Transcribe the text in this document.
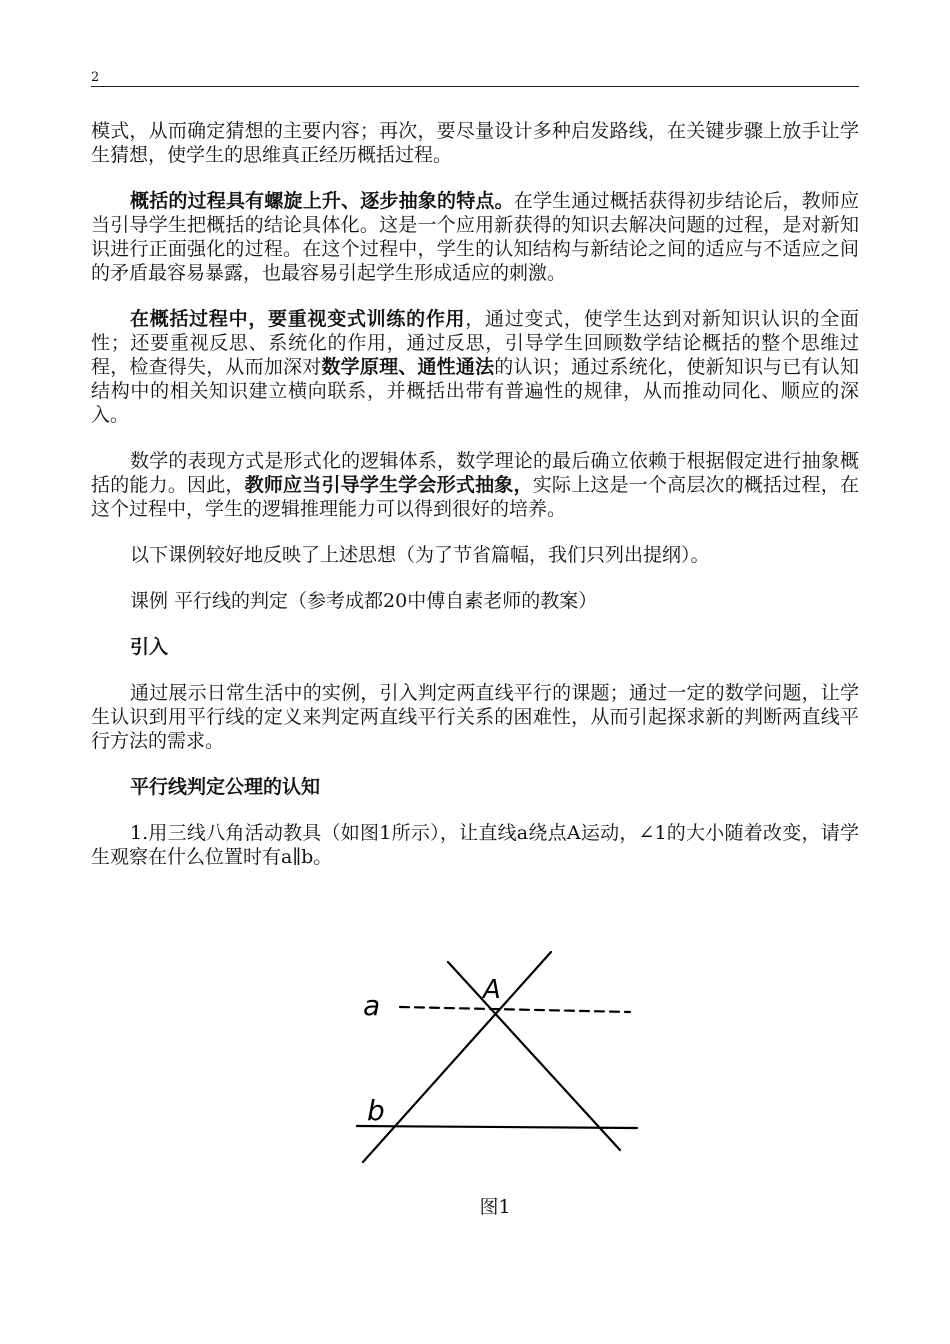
2

模式，从而确定猜想的主要内容；再次，要尽量设计多种启发路线，在关键步骤上放手让学生猜想，使学生的思维真正经历概括过程。

概括的过程具有螺旋上升、逐步抽象的特点。在学生通过概括获得初步结论后，教师应当引导学生把概括的结论具体化。这是一个应用新获得的知识去解决问题的过程，是对新知识进行正面强化的过程。在这个过程中，学生的认知结构与新结论之间的适应与不适应之间的矛盾最容易暴露，也最容易引起学生形成适应的刺激。

在概括过程中，要重视变式训练的作用，通过变式，使学生达到对新知识认识的全面性；还要重视反思、系统化的作用，通过反思，引导学生回顾数学结论概括的整个思维过程，检查得失，从而加深对数学原理、通性通法的认识；通过系统化，使新知识与已有认知结构中的相关知识建立横向联系，并概括出带有普遍性的规律，从而推动同化、顺应的深入。

数学的表现方式是形式化的逻辑体系，数学理论的最后确立依赖于根据假定进行抽象概括的能力。因此，教师应当引导学生学会形式抽象，实际上这是一个高层次的概括过程，在这个过程中，学生的逻辑推理能力可以得到很好的培养。

以下课例较好地反映了上述思想（为了节省篇幅，我们只列出提纲）。

课例 平行线的判定（参考成都20中傅自素老师的教案）

引入

通过展示日常生活中的实例，引入判定两直线平行的课题；通过一定的数学问题，让学生认识到用平行线的定义来判定两直线平行关系的困难性，从而引起探求新的判断两直线平行方法的需求。

平行线判定公理的认知

1.用三线八角活动教具（如图1所示），让直线a绕点A运动，∠1的大小随着改变，请学生观察在什么位置时有a∥b。

a	A
b
图1
